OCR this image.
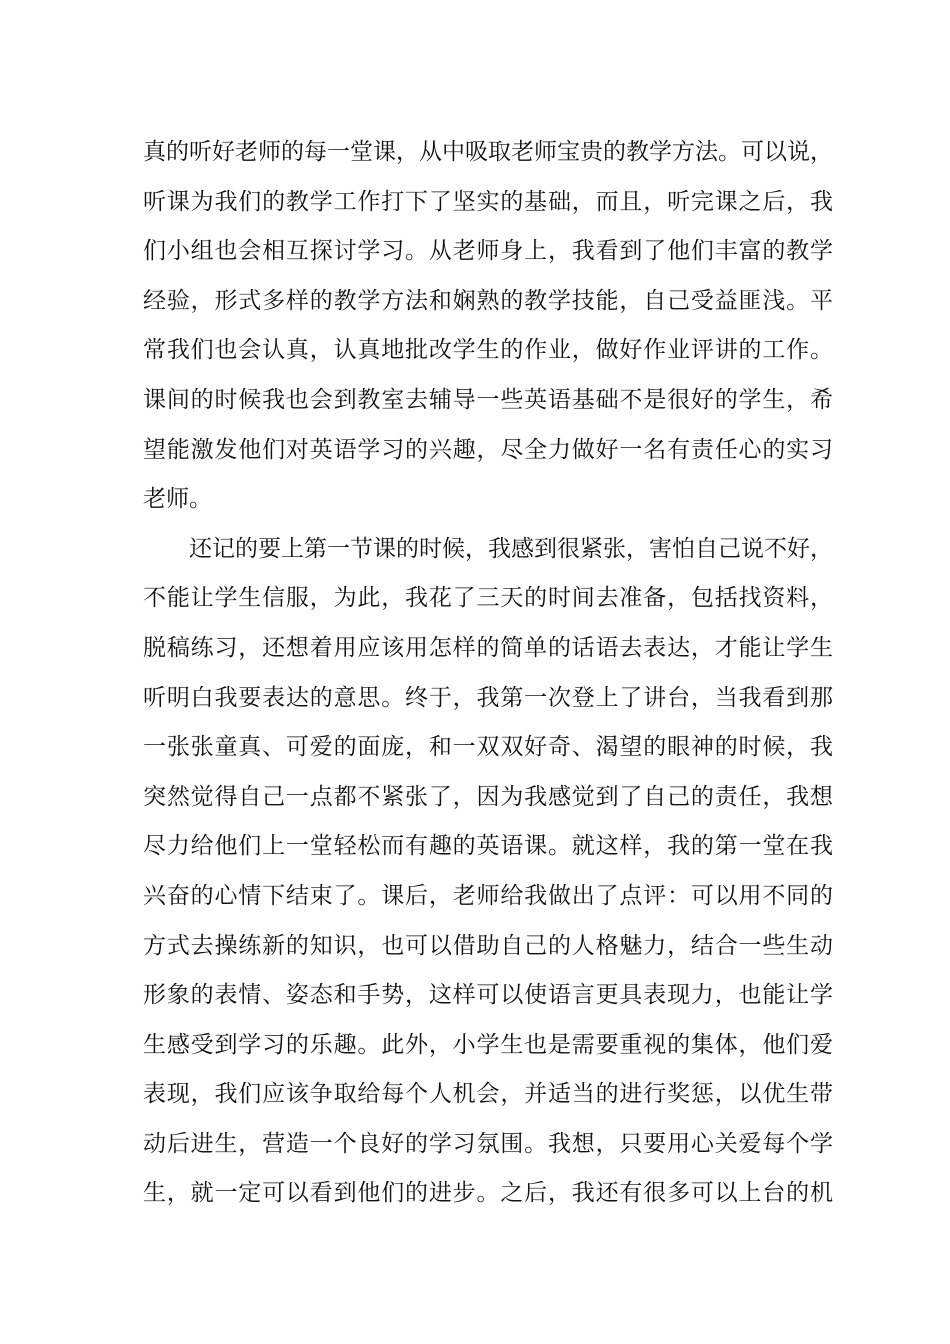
真的听好老师的每一堂课，从中吸取老师宝贵的教学方法。可以说，
听课为我们的教学工作打下了坚实的基础，而且，听完课之后，我
们小组也会相互探讨学习。从老师身上，我看到了他们丰富的教学
经验，形式多样的教学方法和娴熟的教学技能，自己受益匪浅。平
常我们也会认真，认真地批改学生的作业，做好作业评讲的工作。
课间的时候我也会到教室去辅导一些英语基础不是很好的学生，希
望能激发他们对英语学习的兴趣，尽全力做好一名有责任心的实习
老师。
还记的要上第一节课的时候，我感到很紧张，害怕自己说不好，
不能让学生信服，为此，我花了三天的时间去准备，包括找资料，
脱稿练习，还想着用应该用怎样的简单的话语去表达，才能让学生
听明白我要表达的意思。终于，我第一次登上了讲台，当我看到那
一张张童真、可爱的面庞，和一双双好奇、渴望的眼神的时候，我
突然觉得自己一点都不紧张了，因为我感觉到了自己的责任，我想
尽力给他们上一堂轻松而有趣的英语课。就这样，我的第一堂在我
兴奋的心情下结束了。课后，老师给我做出了点评：可以用不同的
方式去操练新的知识，也可以借助自己的人格魅力，结合一些生动
形象的表情、姿态和手势，这样可以使语言更具表现力，也能让学
生感受到学习的乐趣。此外，小学生也是需要重视的集体，他们爱
表现，我们应该争取给每个人机会，并适当的进行奖惩，以优生带
动后进生，营造一个良好的学习氛围。我想，只要用心关爱每个学
生，就一定可以看到他们的进步。之后，我还有很多可以上台的机
